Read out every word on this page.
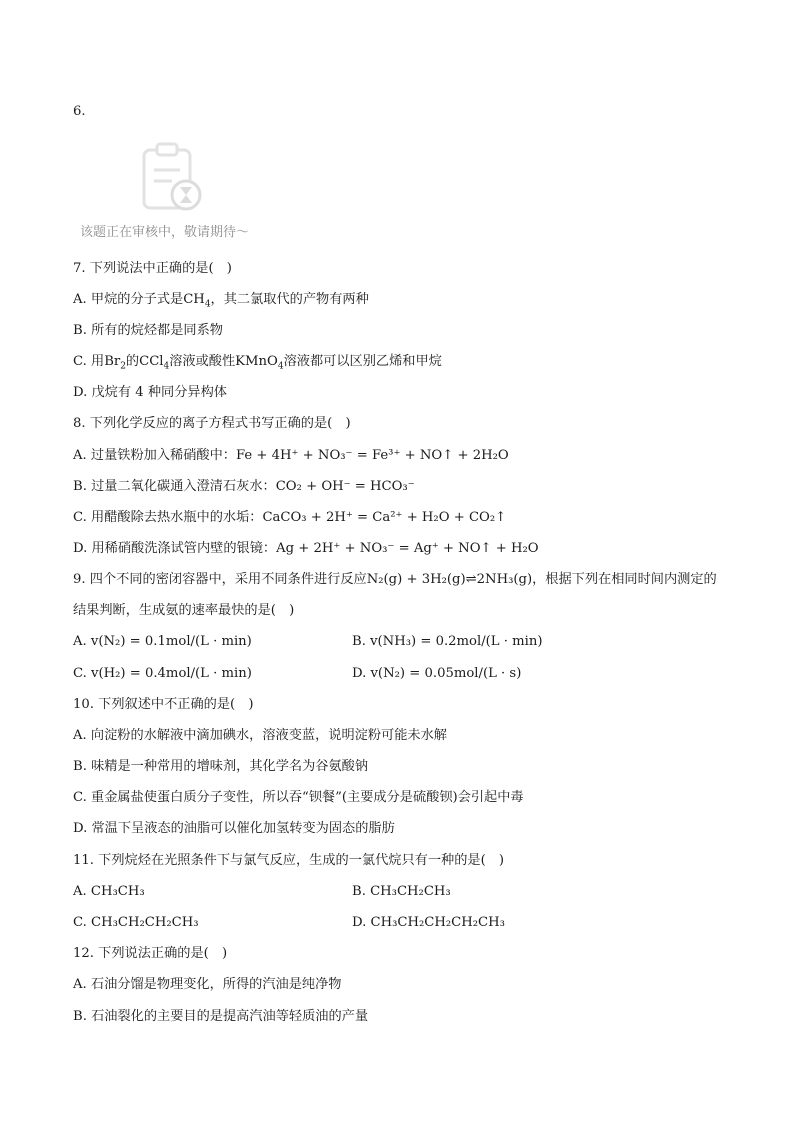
6.
该题正在审核中，敬请期待～
7. 下列说法中正确的是(　)
A. 甲烷的分子式是$CH_4$，其二氯取代的产物有两种
B. 所有的烷烃都是同系物
C. 用$Br_2$的CCl$_4$溶液或酸性KMnO$_4$溶液都可以区别乙烯和甲烷
D. 戊烷有 4 种同分异构体
8. 下列化学反应的离子方程式书写正确的是(　)
A. 过量铁粉加入稀硝酸中：Fe + 4H⁺ + NO₃⁻ = Fe³⁺ + NO↑ + 2H₂O
B. 过量二氧化碳通入澄清石灰水：CO₂ + OH⁻ = HCO₃⁻
C. 用醋酸除去热水瓶中的水垢：CaCO₃ + 2H⁺ = Ca²⁺ + H₂O + CO₂↑
D. 用稀硝酸洗涤试管内壁的银镜：Ag + 2H⁺ + NO₃⁻ = Ag⁺ + NO↑ + H₂O
9. 四个不同的密闭容器中，采用不同条件进行反应N₂(g) + 3H₂(g)⇌2NH₃(g)，根据下列在相同时间内测定的
结果判断，生成氨的速率最快的是(　)
A. v(N₂) = 0.1mol/(L · min)	B. v(NH₃) = 0.2mol/(L · min)
C. v(H₂) = 0.4mol/(L · min)	D. v(N₂) = 0.05mol/(L · s)
10. 下列叙述中不正确的是(　)
A. 向淀粉的水解液中滴加碘水，溶液变蓝，说明淀粉可能未水解
B. 味精是一种常用的增味剂，其化学名为谷氨酸钠
C. 重金属盐使蛋白质分子变性，所以吞“钡餐”(主要成分是硫酸钡)会引起中毒
D. 常温下呈液态的油脂可以催化加氢转变为固态的脂肪
11. 下列烷烃在光照条件下与氯气反应，生成的一氯代烷只有一种的是(　)
A. CH₃CH₃	B. CH₃CH₂CH₃
C. CH₃CH₂CH₂CH₃	D. CH₃CH₂CH₂CH₂CH₃
12. 下列说法正确的是(　)
A. 石油分馏是物理变化，所得的汽油是纯净物
B. 石油裂化的主要目的是提高汽油等轻质油的产量
